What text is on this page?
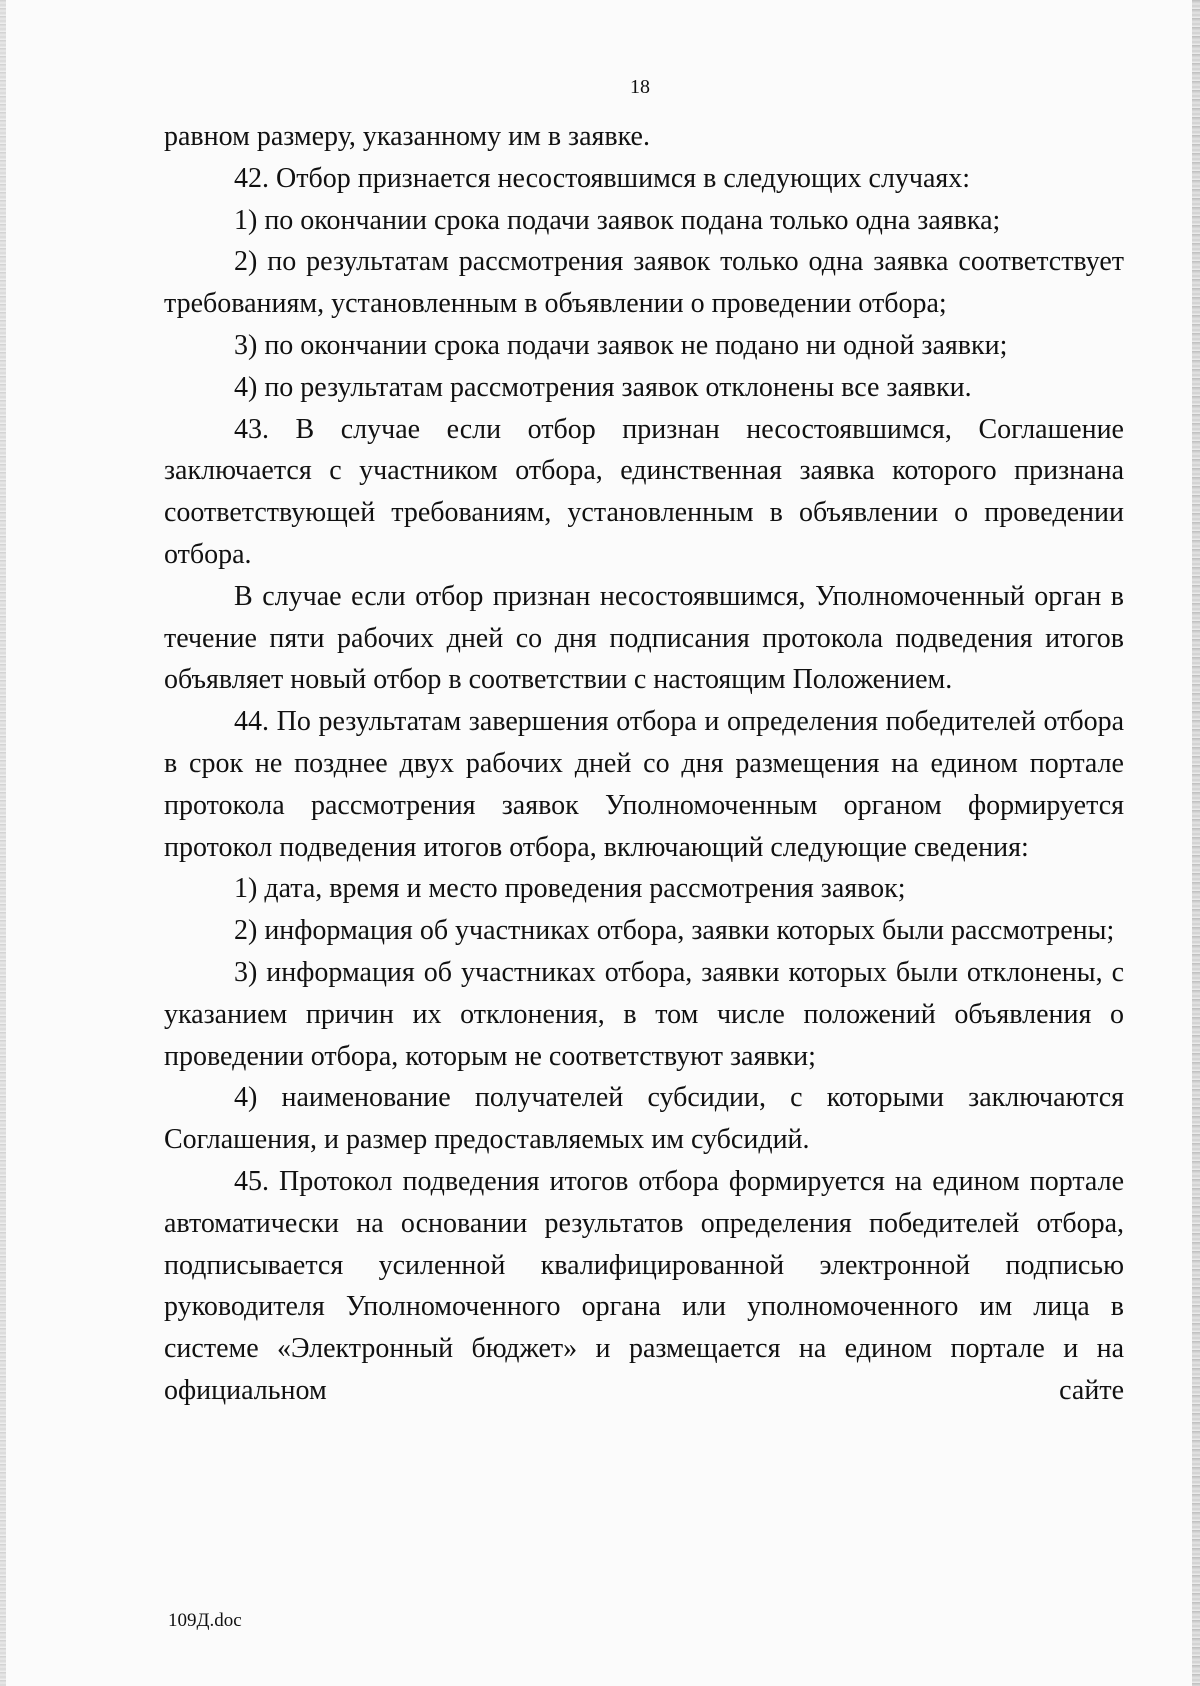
18

равном размеру, указанному им в заявке.

42. Отбор признается несостоявшимся в следующих случаях:

1) по окончании срока подачи заявок подана только одна заявка;

2) по результатам рассмотрения заявок только одна заявка соответствует требованиям, установленным в объявлении о проведении отбора;

3) по окончании срока подачи заявок не подано ни одной заявки;

4) по результатам рассмотрения заявок отклонены все заявки.

43. В случае если отбор признан несостоявшимся, Соглашение заключается с участником отбора, единственная заявка которого признана соответствующей требованиям, установленным в объявлении о проведении отбора.

В случае если отбор признан несостоявшимся, Уполномоченный орган в течение пяти рабочих дней со дня подписания протокола подведения итогов объявляет новый отбор в соответствии с настоящим Положением.

44. По результатам завершения отбора и определения победителей отбора в срок не позднее двух рабочих дней со дня размещения на едином портале протокола рассмотрения заявок Уполномоченным органом формируется протокол подведения итогов отбора, включающий следующие сведения:

1) дата, время и место проведения рассмотрения заявок;

2) информация об участниках отбора, заявки которых были рассмотрены;

3) информация об участниках отбора, заявки которых были отклонены, с указанием причин их отклонения, в том числе положений объявления о проведении отбора, которым не соответствуют заявки;

4) наименование получателей субсидии, с которыми заключаются Соглашения, и размер предоставляемых им субсидий.

45. Протокол подведения итогов отбора формируется на едином портале автоматически на основании результатов определения победителей отбора, подписывается усиленной квалифицированной электронной подписью руководителя Уполномоченного органа или уполномоченного им лица в системе «Электронный бюджет» и размещается на едином портале и на официальном сайте

109Д.doc
